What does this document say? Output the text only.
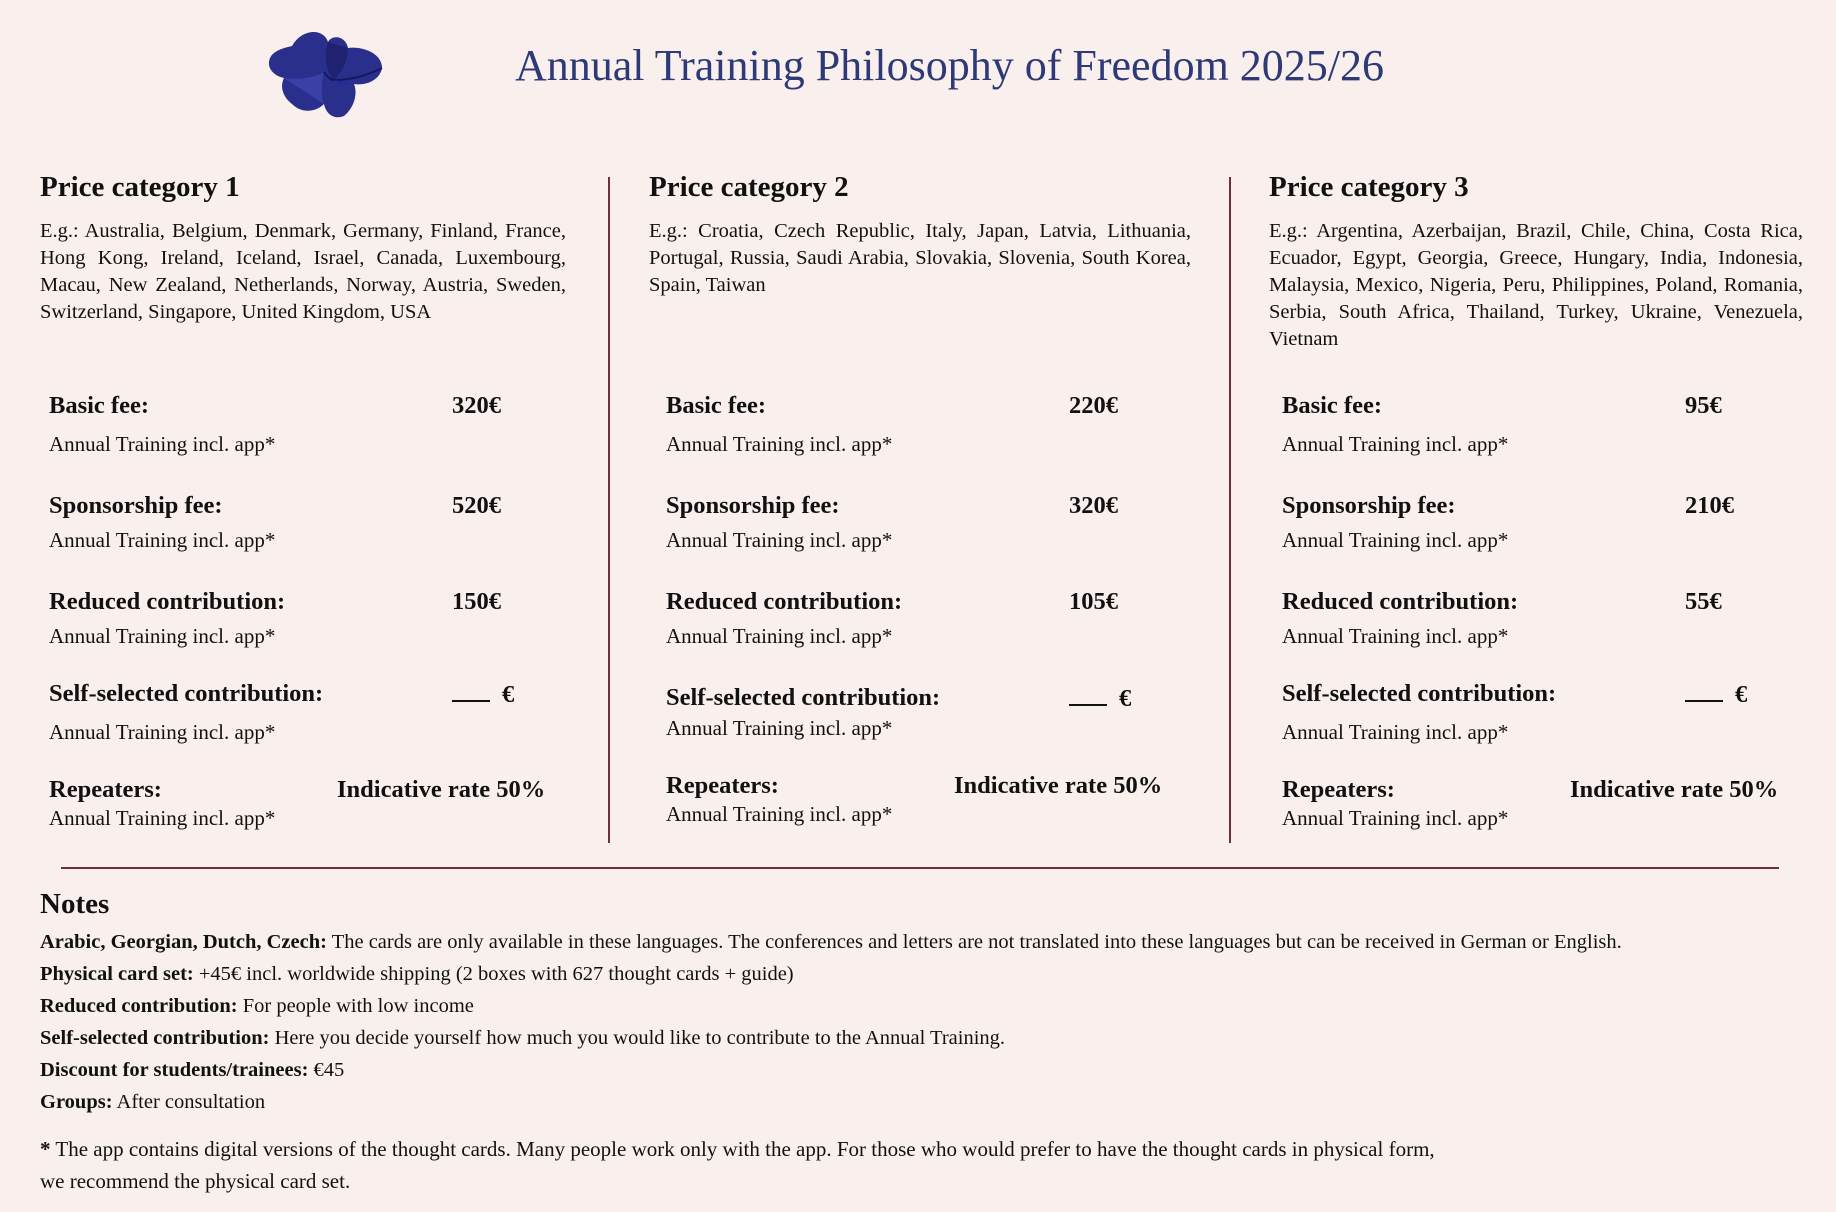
Annual Training Philosophy of Freedom 2025/26
Price category 1

E.g.: Australia, Belgium, Denmark, Germany, Finland, France, Hong Kong, Ireland, Iceland, Israel, Canada, Luxembourg, Macau, New Zealand, Netherlands, Norway, Austria, Sweden, Switzerland, Singapore, United Kingdom, USA

Basic fee:	320€
Annual Training incl. app*
Sponsorship fee:	520€
Annual Training incl. app*
Reduced contribution:	150€
Annual Training incl. app*
Self-selected contribution:	€
Annual Training incl. app*
Repeaters:	Indicative rate 50%
Annual Training incl. app*
Price category 2

E.g.: Croatia, Czech Republic, Italy, Japan, Latvia, Lithuania, Portugal, Russia, Saudi Arabia, Slovakia, Slovenia, South Korea, Spain, Taiwan

Basic fee:	220€
Annual Training incl. app*
Sponsorship fee:	320€
Annual Training incl. app*
Reduced contribution:	105€
Annual Training incl. app*
Self-selected contribution:	€
Annual Training incl. app*
Repeaters:	Indicative rate 50%
Annual Training incl. app*
Price category 3

E.g.: Argentina, Azerbaijan, Brazil, Chile, China, Costa Rica, Ecuador, Egypt, Georgia, Greece, Hungary, India, Indonesia, Malaysia, Mexico, Nigeria, Peru, Philippines, Poland, Romania, Serbia, South Africa, Thailand, Turkey, Ukraine, Venezuela, Vietnam

Basic fee:	95€
Annual Training incl. app*
Sponsorship fee:	210€
Annual Training incl. app*
Reduced contribution:	55€
Annual Training incl. app*
Self-selected contribution:	€
Annual Training incl. app*
Repeaters:	Indicative rate 50%
Annual Training incl. app*
Notes
Arabic, Georgian, Dutch, Czech: The cards are only available in these languages. The conferences and letters are not translated into these languages but can be received in German or English.
Physical card set: +45€ incl. worldwide shipping (2 boxes with 627 thought cards + guide)
Reduced contribution: For people with low income
Self-selected contribution: Here you decide yourself how much you would like to contribute to the Annual Training.
Discount for students/trainees: €45
Groups: After consultation
* The app contains digital versions of the thought cards. Many people work only with the app. For those who would prefer to have the thought cards in physical form,
we recommend the physical card set.
